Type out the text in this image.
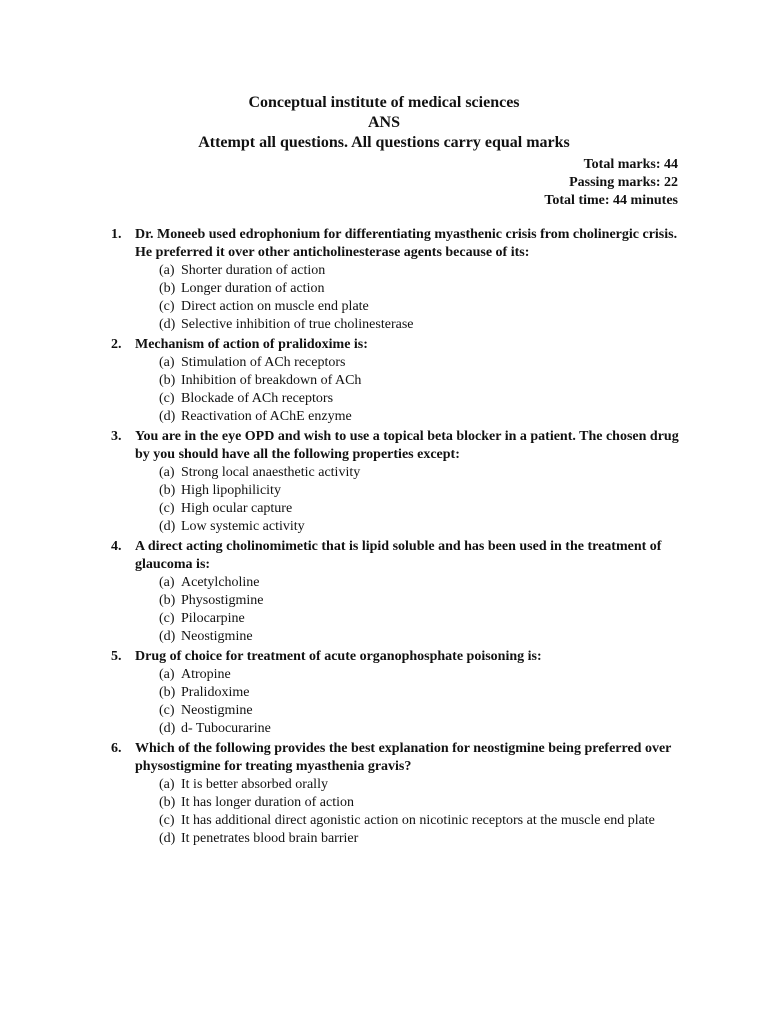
Conceptual institute of medical sciences
ANS
Attempt all questions. All questions carry equal marks
Total marks: 44
Passing marks: 22
Total time: 44 minutes
1. Dr. Moneeb used edrophonium for differentiating myasthenic crisis from cholinergic crisis. He preferred it over other anticholinesterase agents because of its:
(a) Shorter duration of action
(b) Longer duration of action
(c) Direct action on muscle end plate
(d) Selective inhibition of true cholinesterase
2. Mechanism of action of pralidoxime is:
(a) Stimulation of ACh receptors
(b) Inhibition of breakdown of ACh
(c) Blockade of ACh receptors
(d) Reactivation of AChE enzyme
3. You are in the eye OPD and wish to use a topical beta blocker in a patient. The chosen drug by you should have all the following properties except:
(a) Strong local anaesthetic activity
(b) High lipophilicity
(c) High ocular capture
(d) Low systemic activity
4. A direct acting cholinomimetic that is lipid soluble and has been used in the treatment of glaucoma is:
(a) Acetylcholine
(b) Physostigmine
(c) Pilocarpine
(d) Neostigmine
5. Drug of choice for treatment of acute organophosphate poisoning is:
(a) Atropine
(b) Pralidoxime
(c) Neostigmine
(d) d- Tubocurarine
6. Which of the following provides the best explanation for neostigmine being preferred over physostigmine for treating myasthenia gravis?
(a) It is better absorbed orally
(b) It has longer duration of action
(c) It has additional direct agonistic action on nicotinic receptors at the muscle end plate
(d) It penetrates blood brain barrier
